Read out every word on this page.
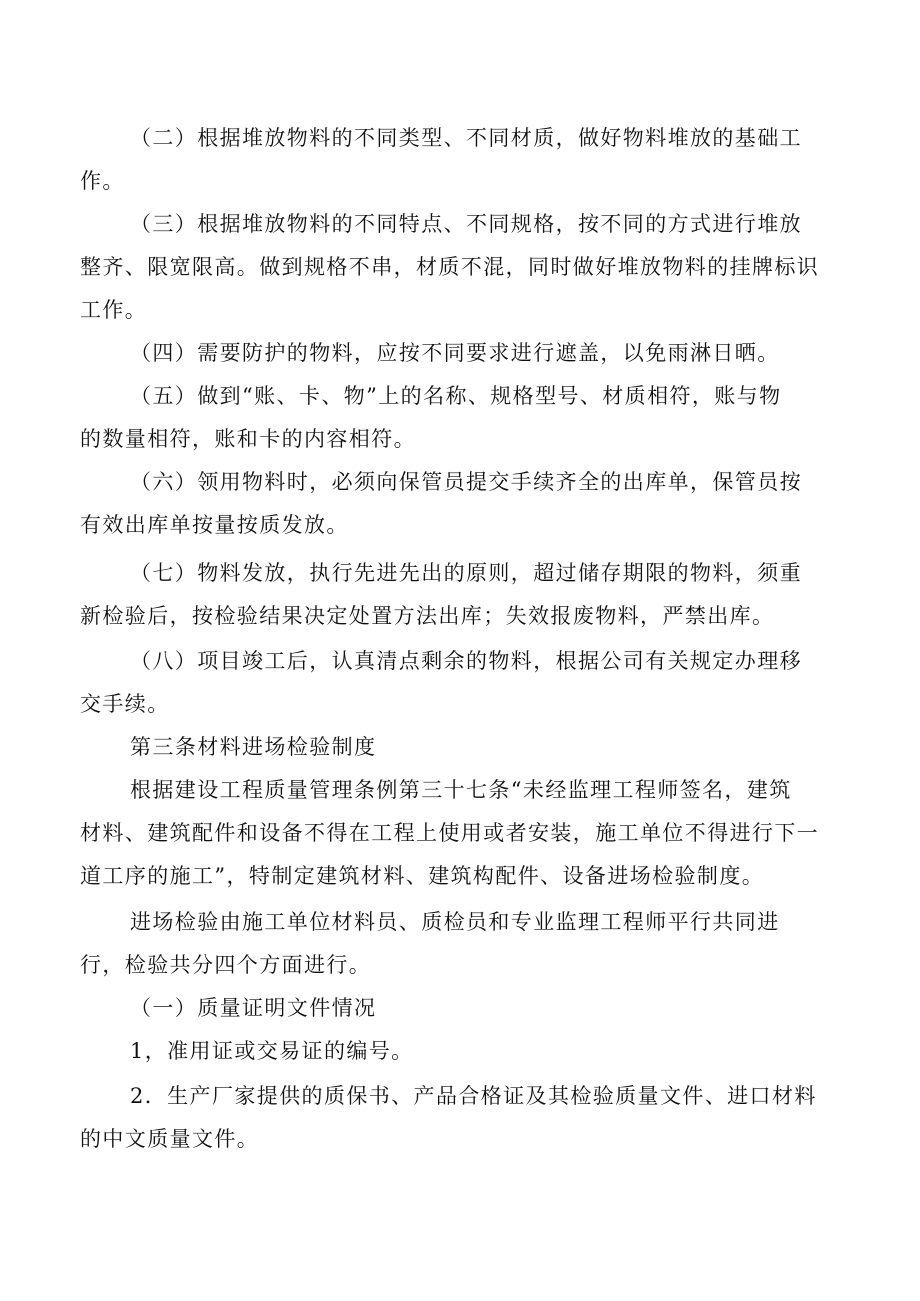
（二）根据堆放物料的不同类型、不同材质，做好物料堆放的基础工
作。
（三）根据堆放物料的不同特点、不同规格，按不同的方式进行堆放
整齐、限宽限高。做到规格不串，材质不混，同时做好堆放物料的挂牌标识
工作。
（四）需要防护的物料，应按不同要求进行遮盖，以免雨淋日晒。
（五）做到“账、卡、物”上的名称、规格型号、材质相符，账与物
的数量相符，账和卡的内容相符。
（六）领用物料时，必须向保管员提交手续齐全的出库单，保管员按
有效出库单按量按质发放。
（七）物料发放，执行先进先出的原则，超过储存期限的物料，须重
新检验后，按检验结果决定处置方法出库；失效报废物料，严禁出库。
（八）项目竣工后，认真清点剩余的物料，根据公司有关规定办理移
交手续。
第三条材料进场检验制度
根据建设工程质量管理条例第三十七条“未经监理工程师签名，建筑
材料、建筑配件和设备不得在工程上使用或者安装，施工单位不得进行下一
道工序的施工”，特制定建筑材料、建筑构配件、设备进场检验制度。
进场检验由施工单位材料员、质检员和专业监理工程师平行共同进
行，检验共分四个方面进行。
（一）质量证明文件情况
1，准用证或交易证的编号。
2．生产厂家提供的质保书、产品合格证及其检验质量文件、进口材料
的中文质量文件。
